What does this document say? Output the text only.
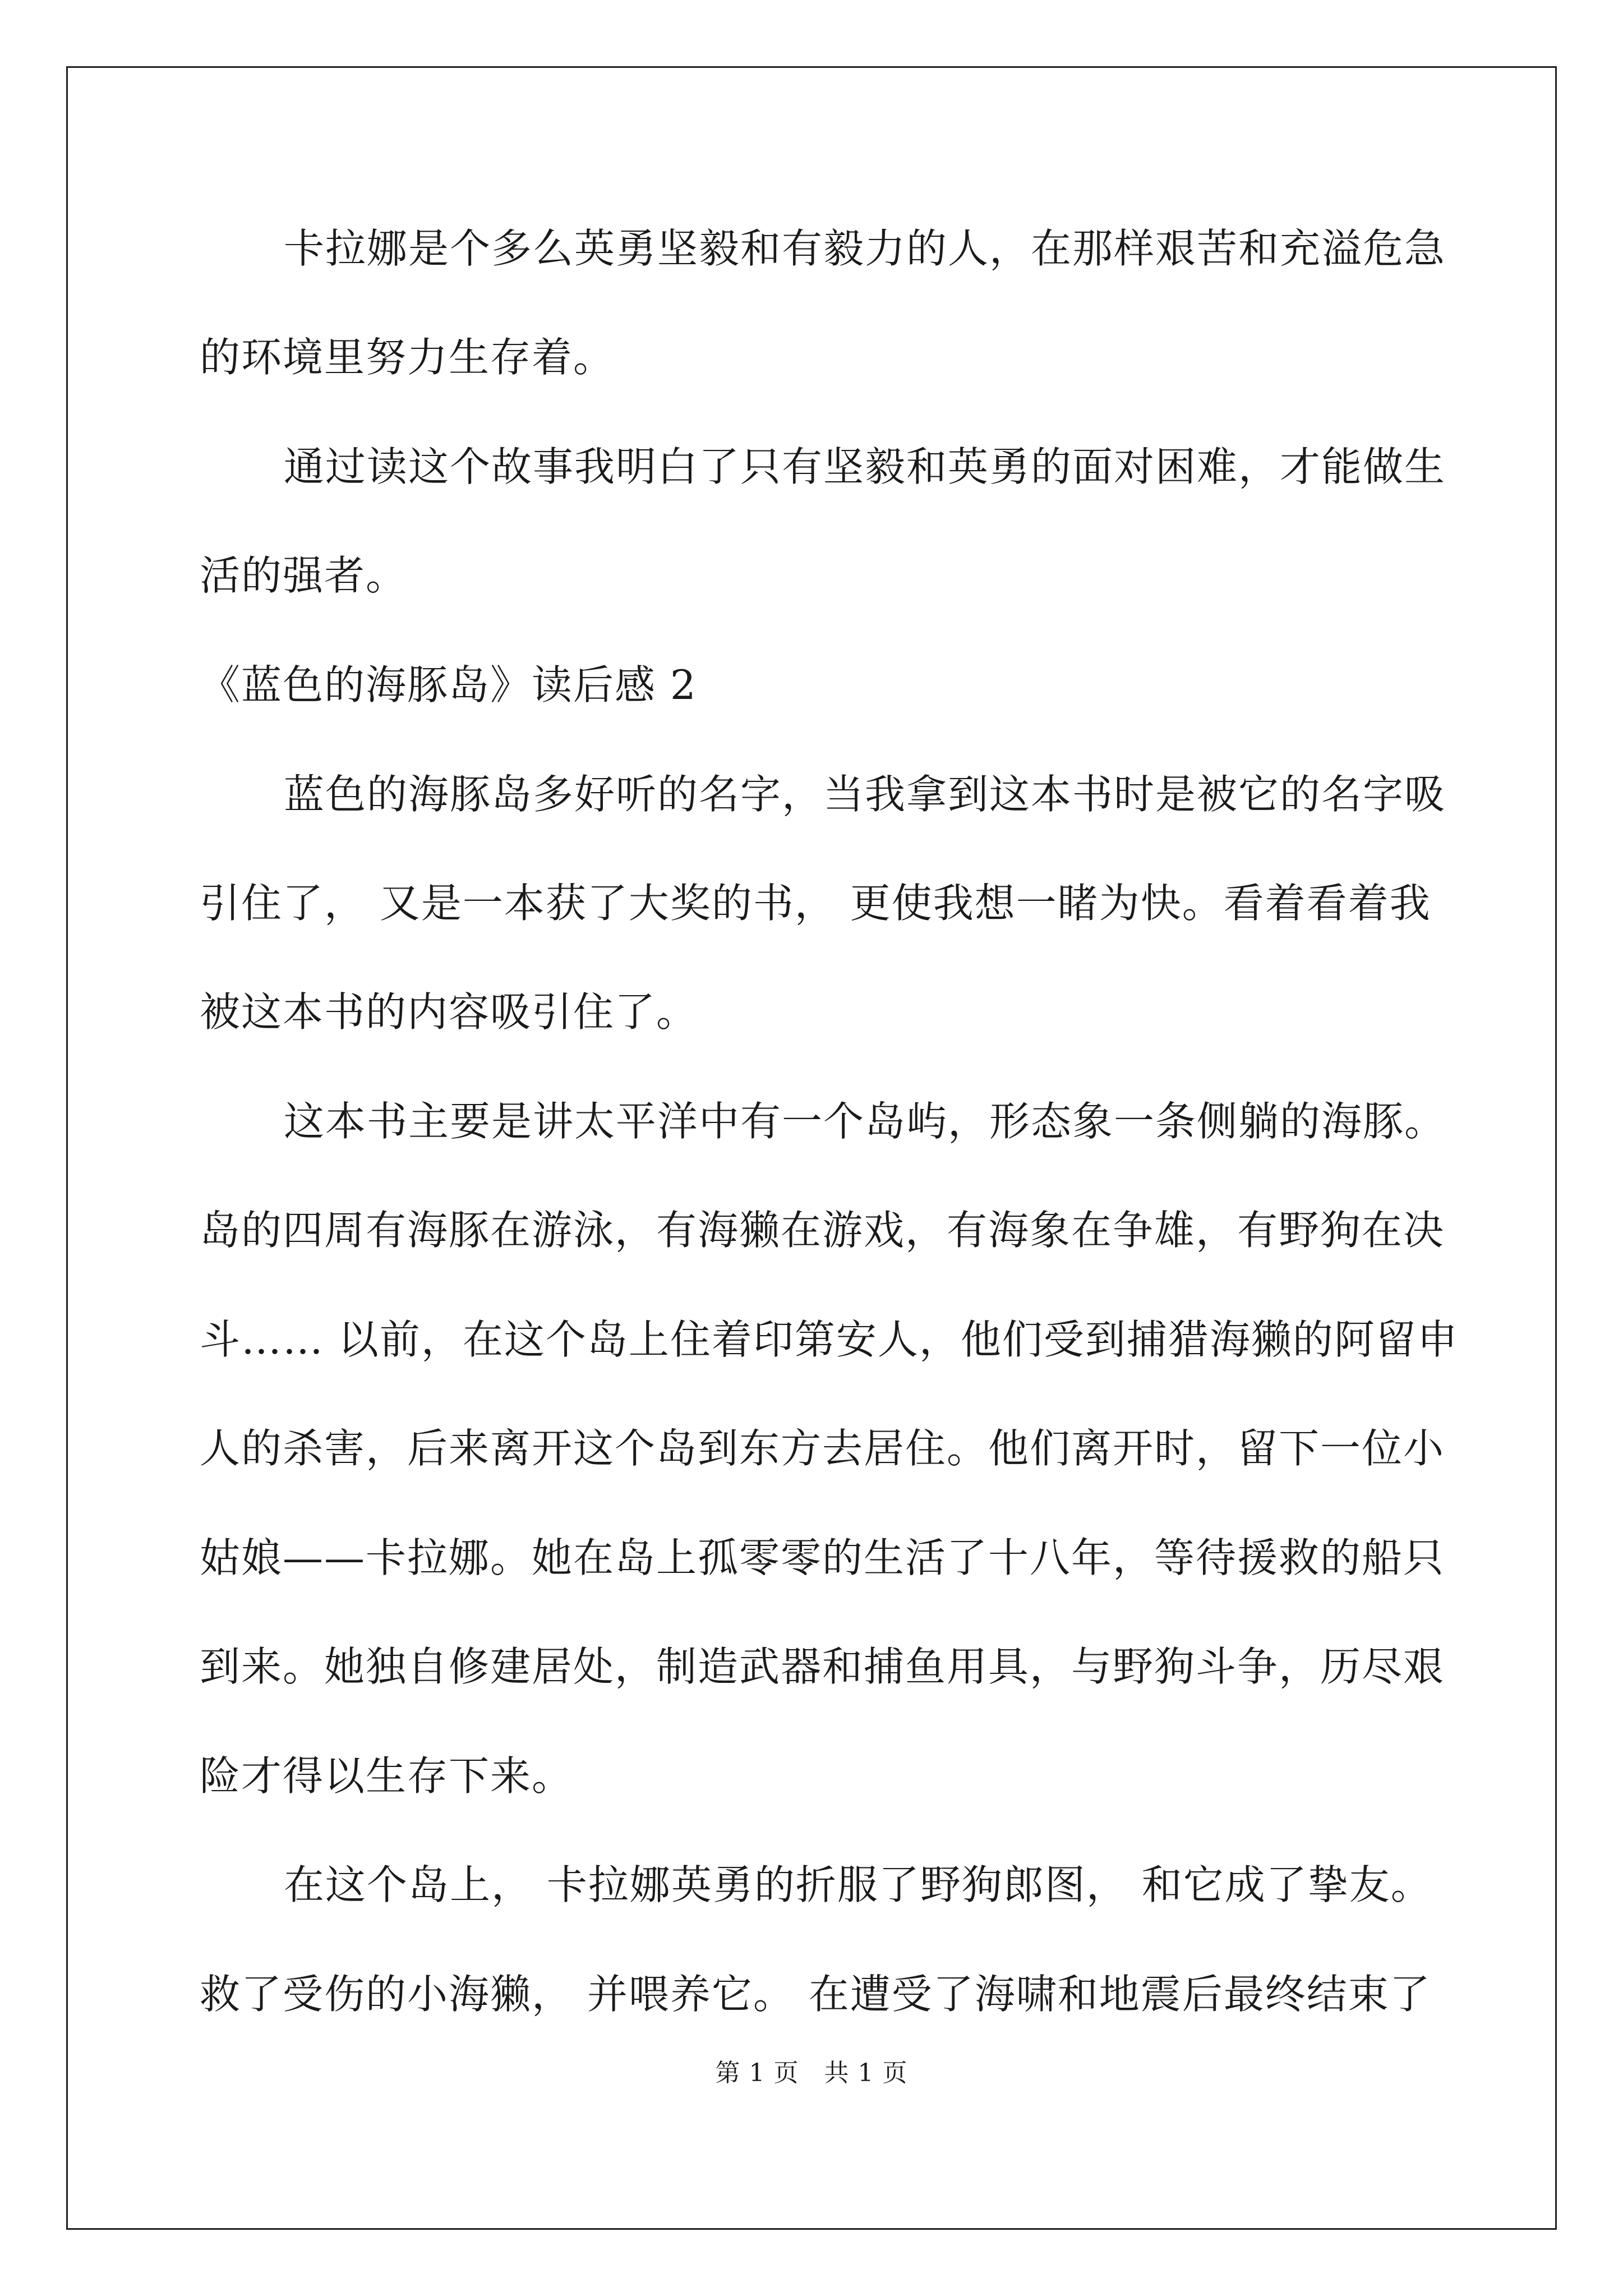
卡拉娜是个多么英勇坚毅和有毅力的人，在那样艰苦和充溢危急
的环境里努力生存着。
通过读这个故事我明白了只有坚毅和英勇的面对困难，才能做生
活的强者。
《蓝色的海豚岛》读后感 2
蓝色的海豚岛多好听的名字，当我拿到这本书时是被它的名字吸
引住了， 又是一本获了大奖的书， 更使我想一睹为快。看着看着我
被这本书的内容吸引住了。
这本书主要是讲太平洋中有一个岛屿，形态象一条侧躺的海豚。
岛的四周有海豚在游泳，有海獭在游戏，有海象在争雄，有野狗在决
斗…… 以前，在这个岛上住着印第安人，他们受到捕猎海獭的阿留申
人的杀害，后来离开这个岛到东方去居住。他们离开时，留下一位小
姑娘——卡拉娜。她在岛上孤零零的生活了十八年，等待援救的船只
到来。她独自修建居处，制造武器和捕鱼用具，与野狗斗争，历尽艰
险才得以生存下来。
在这个岛上， 卡拉娜英勇的折服了野狗郎图， 和它成了挚友。
救了受伤的小海獭， 并喂养它。 在遭受了海啸和地震后最终结束了
第 1 页　共 1 页
